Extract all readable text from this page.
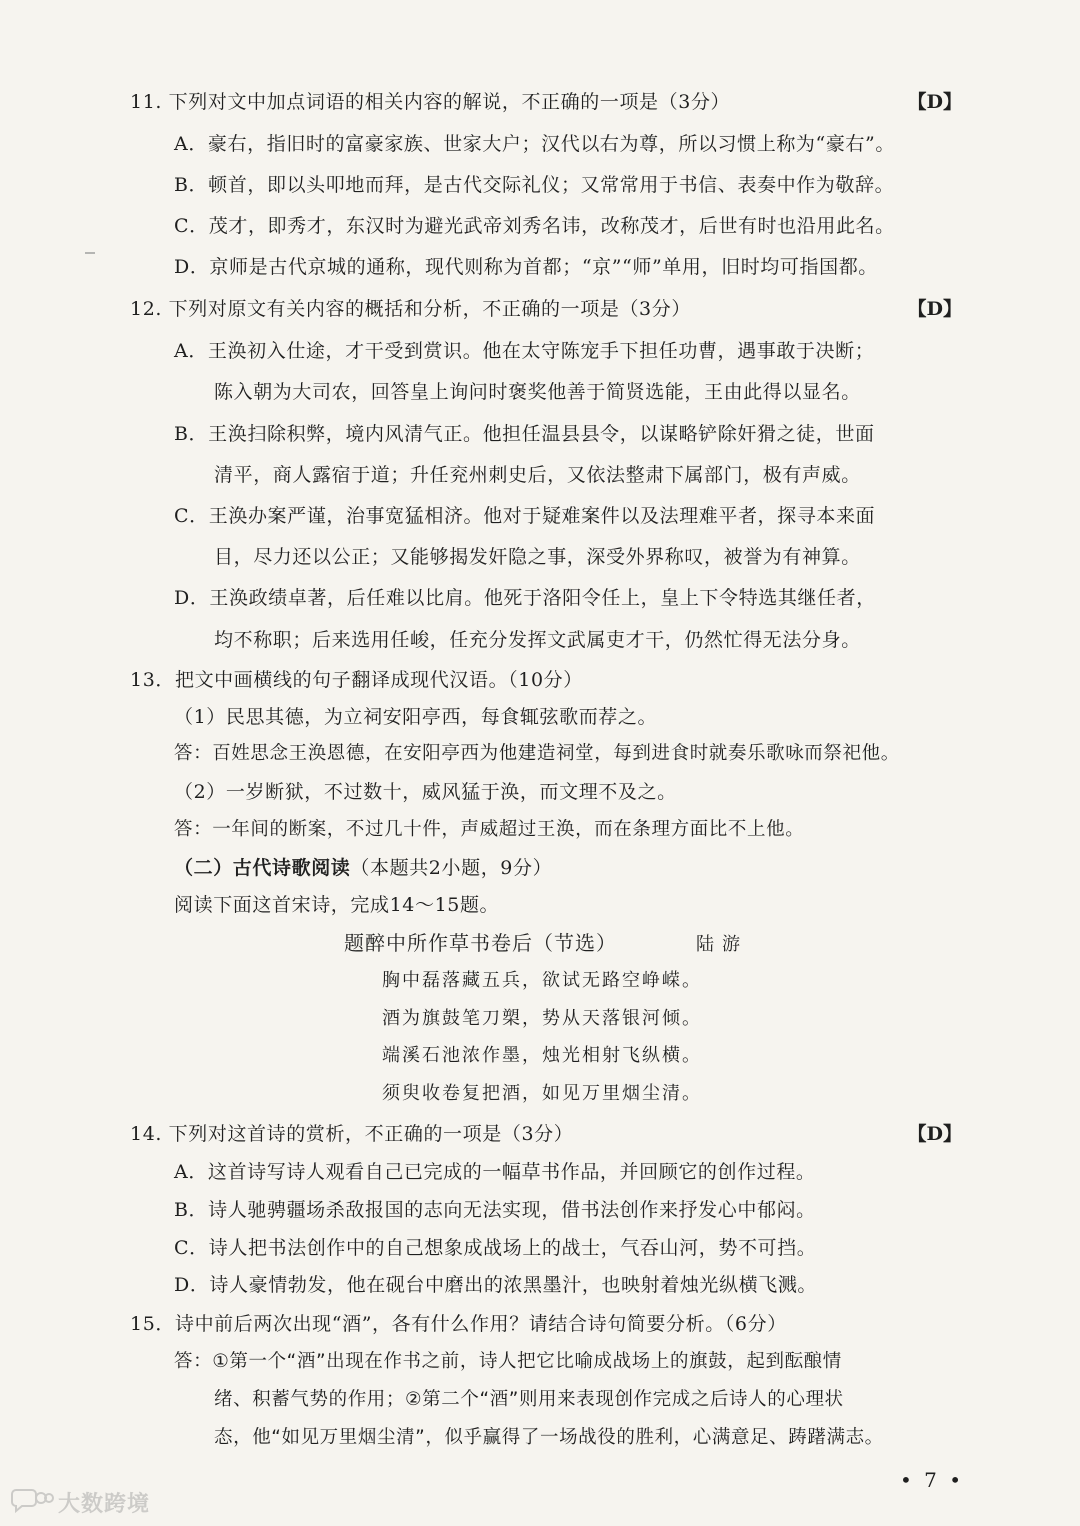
11. 下列对文中加点词语的相关内容的解说，不正确的一项是（3分）	【D】
A．豪右，指旧时的富豪家族、世家大户；汉代以右为尊，所以习惯上称为“豪右”。
B．顿首，即以头叩地而拜，是古代交际礼仪；又常常用于书信、表奏中作为敬辞。
C．茂才，即秀才，东汉时为避光武帝刘秀名讳，改称茂才，后世有时也沿用此名。
D．京师是古代京城的通称，现代则称为首都；“京”“师”单用，旧时均可指国都。
12. 下列对原文有关内容的概括和分析，不正确的一项是（3分）	【D】
A．王涣初入仕途，才干受到赏识。他在太守陈宠手下担任功曹，遇事敢于决断；
陈入朝为大司农，回答皇上询问时褒奖他善于简贤选能，王由此得以显名。
B．王涣扫除积弊，境内风清气正。他担任温县县令，以谋略铲除奸猾之徒，世面
清平，商人露宿于道；升任兖州刺史后，又依法整肃下属部门，极有声威。
C．王涣办案严谨，治事宽猛相济。他对于疑难案件以及法理难平者，探寻本来面
目，尽力还以公正；又能够揭发奸隐之事，深受外界称叹，被誉为有神算。
D．王涣政绩卓著，后任难以比肩。他死于洛阳令任上，皇上下令特选其继任者，
均不称职；后来选用任峻，任充分发挥文武属吏才干，仍然忙得无法分身。
13．把文中画横线的句子翻译成现代汉语。（10分）
（1）民思其德，为立祠安阳亭西，每食辄弦歌而荐之。
答：百姓思念王涣恩德，在安阳亭西为他建造祠堂，每到进食时就奏乐歌咏而祭祀他。
（2）一岁断狱，不过数十，威风猛于涣，而文理不及之。
答：一年间的断案，不过几十件，声威超过王涣，而在条理方面比不上他。
（二）古代诗歌阅读（本题共2小题，9分）
阅读下面这首宋诗，完成14～15题。
题醉中所作草书卷后（节选）	陆游
胸中磊落藏五兵，欲试无路空峥嵘。
酒为旗鼓笔刀槊，势从天落银河倾。
端溪石池浓作墨，烛光相射飞纵横。
须臾收卷复把酒，如见万里烟尘清。
14. 下列对这首诗的赏析，不正确的一项是（3分）	【D】
A．这首诗写诗人观看自己已完成的一幅草书作品，并回顾它的创作过程。
B．诗人驰骋疆场杀敌报国的志向无法实现，借书法创作来抒发心中郁闷。
C．诗人把书法创作中的自己想象成战场上的战士，气吞山河，势不可挡。
D．诗人豪情勃发，他在砚台中磨出的浓黑墨汁，也映射着烛光纵横飞溅。
15．诗中前后两次出现“酒”，各有什么作用？请结合诗句简要分析。（6分）
答：①第一个“酒”出现在作书之前，诗人把它比喻成战场上的旗鼓，起到酝酿情
绪、积蓄气势的作用；②第二个“酒”则用来表现创作完成之后诗人的心理状
态，他“如见万里烟尘清”，似乎赢得了一场战役的胜利，心满意足、踌躇满志。
• 7 •
大数跨境
